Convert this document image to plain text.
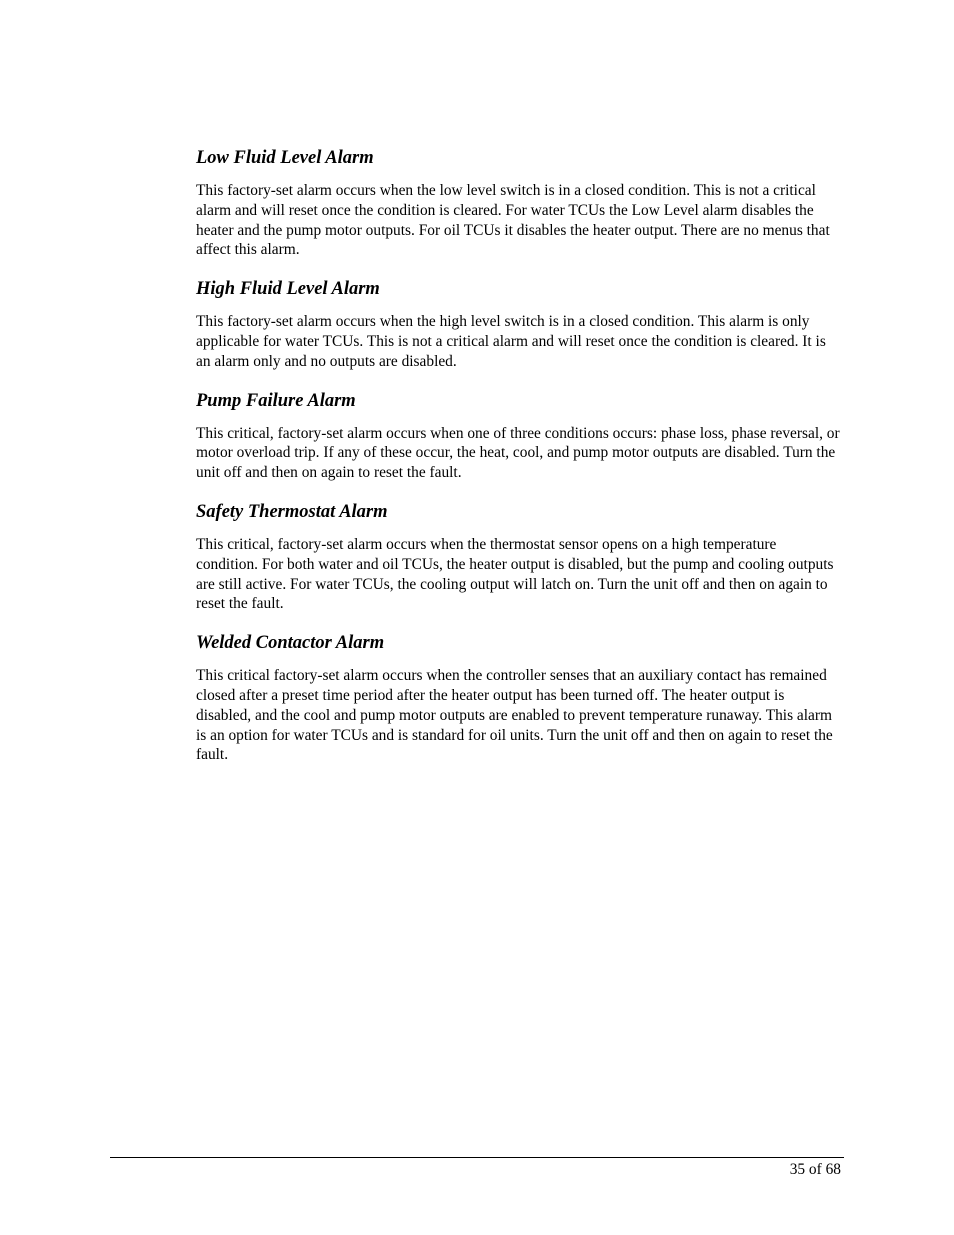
Low Fluid Level Alarm

This factory-set alarm occurs when the low level switch is in a closed condition. This is not a critical alarm and will reset once the condition is cleared. For water TCUs the Low Level alarm disables the heater and the pump motor outputs. For oil TCUs it disables the heater output. There are no menus that affect this alarm.

High Fluid Level Alarm

This factory-set alarm occurs when the high level switch is in a closed condition. This alarm is only applicable for water TCUs. This is not a critical alarm and will reset once the condition is cleared. It is an alarm only and no outputs are disabled.

Pump Failure Alarm

This critical, factory-set alarm occurs when one of three conditions occurs: phase loss, phase reversal, or motor overload trip. If any of these occur, the heat, cool, and pump motor outputs are disabled. Turn the unit off and then on again to reset the fault.

Safety Thermostat Alarm

This critical, factory-set alarm occurs when the thermostat sensor opens on a high temperature condition. For both water and oil TCUs, the heater output is disabled, but the pump and cooling outputs are still active. For water TCUs, the cooling output will latch on. Turn the unit off and then on again to reset the fault.

Welded Contactor Alarm

This critical factory-set alarm occurs when the controller senses that an auxiliary contact has remained closed after a preset time period after the heater output has been turned off. The heater output is disabled, and the cool and pump motor outputs are enabled to prevent temperature runaway. This alarm is an option for water TCUs and is standard for oil units. Turn the unit off and then on again to reset the fault.

35 of 68
